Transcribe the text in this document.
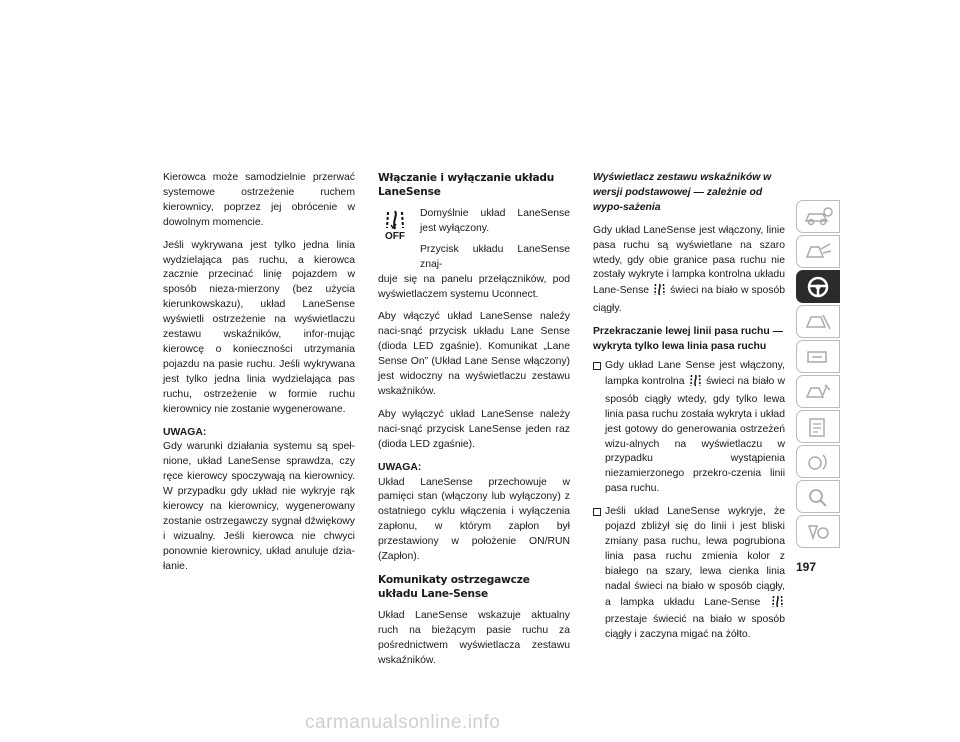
Kierowca może samodzielnie przerwać systemowe ostrzeżenie ruchem kierownicy, poprzez jej obrócenie w dowolnym momencie.

Jeśli wykrywana jest tylko jedna linia wydzielająca pas ruchu, a kierowca zacznie przecinać linię pojazdem w sposób nieza-mierzony (bez użycia kierunkowskazu), układ LaneSense wyświetli ostrzeżenie na wyświetlaczu zestawu wskaźników, infor-mując kierowcę o konieczności utrzymania pojazdu na pasie ruchu. Jeśli wykrywana jest tylko jedna linia wydzielająca pas ruchu, ostrzeżenie w formie ruchu kierownicy nie zostanie wygenerowane.

UWAGA:

Gdy warunki działania systemu są speł-nione, układ LaneSense sprawdza, czy ręce kierowcy spoczywają na kierownicy. W przypadku gdy układ nie wykryje rąk kierowcy na kierownicy, wygenerowany zostanie ostrzegawczy sygnał dźwiękowy i wizualny. Jeśli kierowca nie chwyci ponownie kierownicy, układ anuluje dzia-łanie.

Włączanie i wyłączanie układu LaneSense
OFF

Domyślnie układ LaneSense jest wyłączony.

Przycisk układu LaneSense znaj-

duje się na panelu przełączników, pod wyświetlaczem systemu Uconnect.

Aby włączyć układ LaneSense naleźy naci-snąć przycisk układu Lane Sense (dioda LED zgaśnie). Komunikat „Lane Sense On” (Układ Lane Sense włączony) jest widoczny na wyświetlaczu zestawu wskaźników.

Aby wyłączyć układ LaneSense należy naci-snąć przycisk LaneSense jeden raz (dioda LED zgaśnie).

UWAGA:

Układ LaneSense przechowuje w pamięci stan (włączony lub wyłączony) z ostatniego cyklu włączenia i wyłączenia zapłonu, w którym zapłon był przestawiony w położenie ON/RUN (Zapłon).

Komunikaty ostrzegawcze układu Lane-Sense

Układ LaneSense wskazuje aktualny ruch na bieżącym pasie ruchu za pośrednictwem wyświetlacza zestawu wskaźników.

Wyświetlacz zestawu wskaźników w wersji podstawowej — zależnie od wypo-sażenia

Gdy układ LaneSense jest włączony, linie pasa ruchu są wyświetlane na szaro wtedy, gdy obie granice pasa ruchu nie zostały wykryte i lampka kontrolna układu Lane-Sense świeci na biało w sposób ciągły.

Przekraczanie lewej linii pasa ruchu — wykryta tylko lewa linia pasa ruchu
Gdy układ Lane Sense jest włączony, lampka kontrolna świeci na biało w sposób ciągły wtedy, gdy tylko lewa linia pasa ruchu została wykryta i układ jest gotowy do generowania ostrzeżeń wizu-alnych na wyświetlaczu w przypadku wystąpienia niezamierzonego przekro-czenia linii pasa ruchu.
Jeśli układ LaneSense wykryje, że pojazd zbliżył się do linii i jest bliski zmiany pasa ruchu, lewa pogrubiona linia pasa ruchu zmienia kolor z białego na szary, lewa cienka linia nadal świeci na biało w sposób ciągły, a lampka układu Lane-Sense  przestaje świecić na biało w sposób ciągły i zaczyna migać na żółto.
197
carmanualsonline.info
